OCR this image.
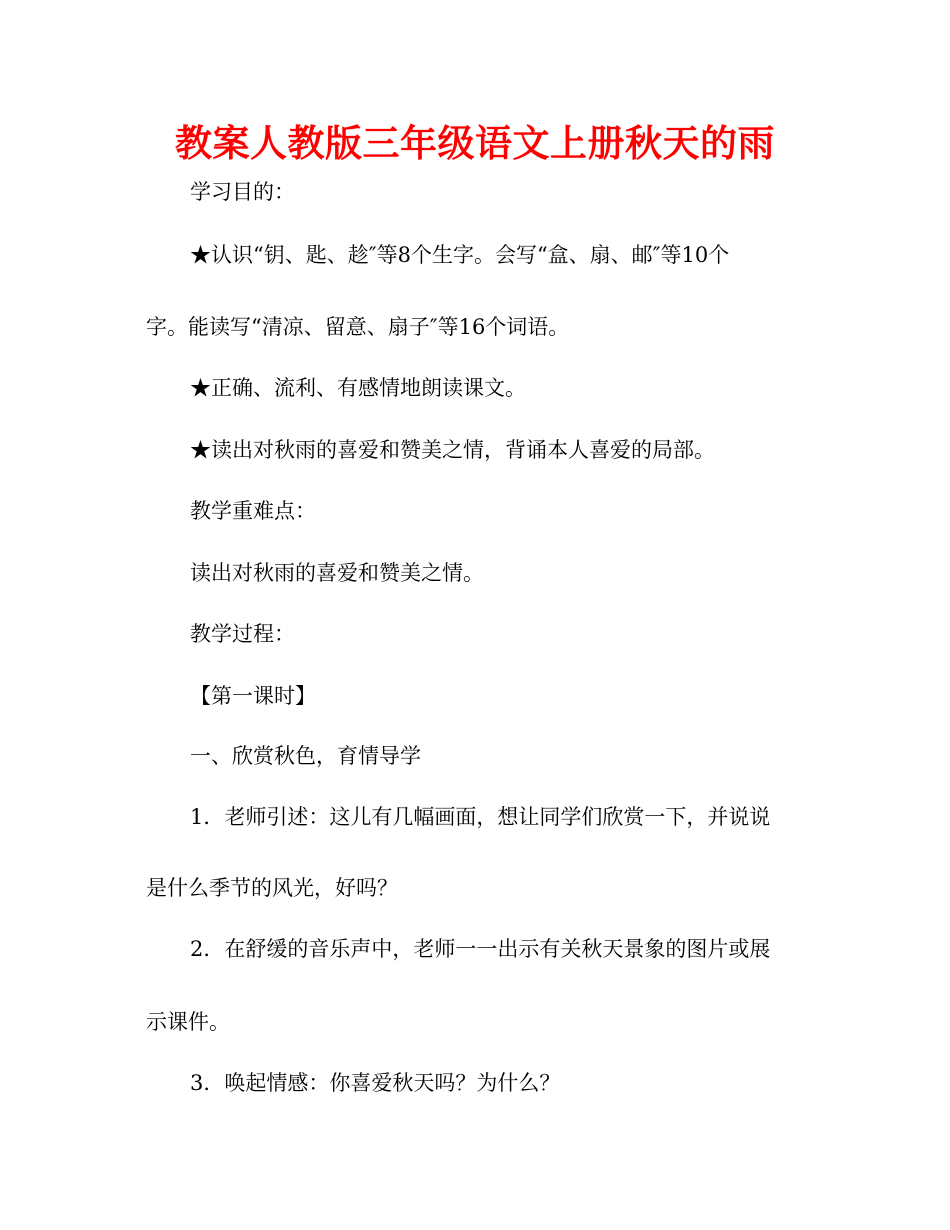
教案人教版三年级语文上册秋天的雨

学习目的：

★认识“钥、匙、趁″等8个生字。会写“盒、扇、邮″等10个

字。能读写“清凉、留意、扇子″等16个词语。

★正确、流利、有感情地朗读课文。

★读出对秋雨的喜爱和赞美之情，背诵本人喜爱的局部。

教学重难点：

读出对秋雨的喜爱和赞美之情。

教学过程：

【第一课时】

一、欣赏秋色，育情导学

1．老师引述：这儿有几幅画面，想让同学们欣赏一下，并说说

是什么季节的风光，好吗？

2．在舒缓的音乐声中，老师一一出示有关秋天景象的图片或展

示课件。

3．唤起情感：你喜爱秋天吗？为什么？
